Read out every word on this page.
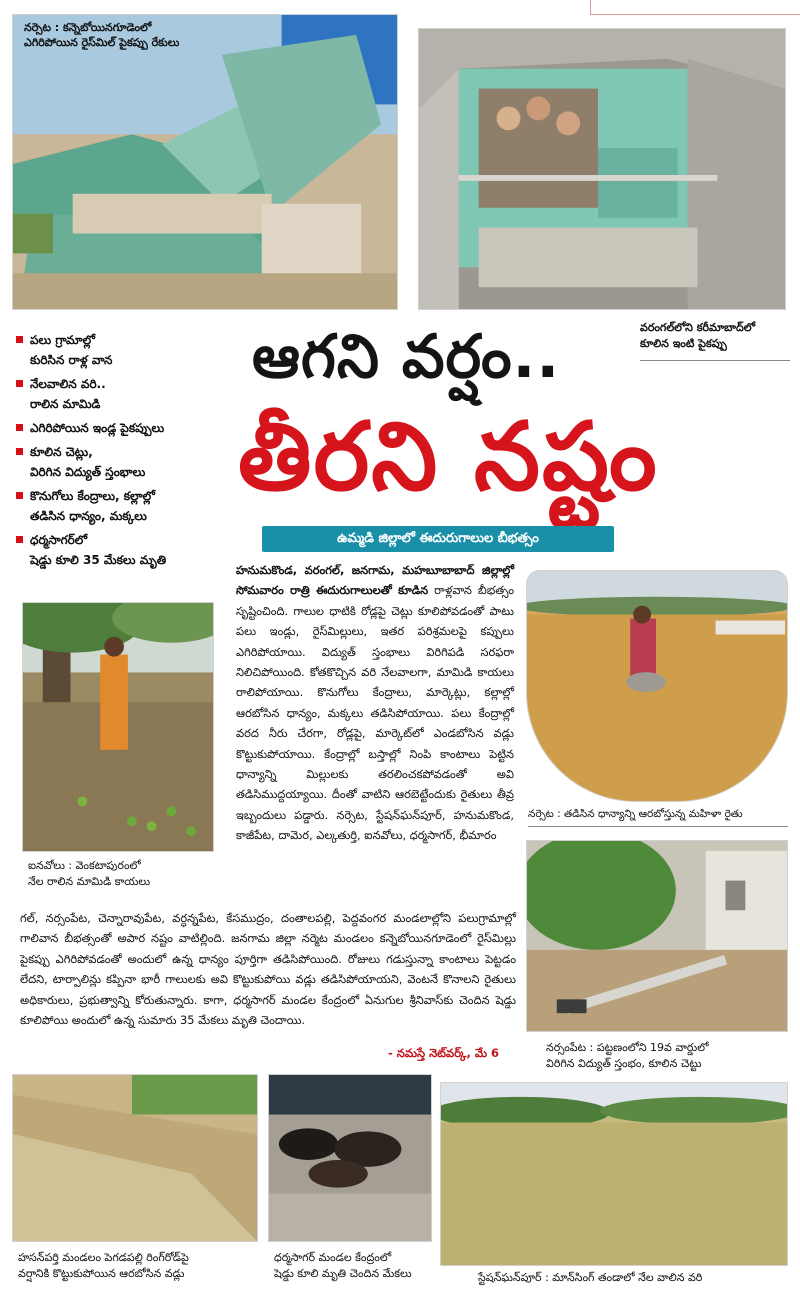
నర్సెట : కన్నెబోయినగూడెంలో
ఎగిరిపోయిన రైస్‌మిల్ పైకప్పు రేకులు

వరంగల్‌లోని కరీమాబాద్‌లో

కూలిన ఇంటి పైకప్పు

పలు గ్రామాల్లో
కురిసిన రాళ్ల వాన
నేలవాలిన వరి..
రాలిన మామిడి
ఎగిరిపోయిన ఇండ్ల పైకప్పులు
కూలిన చెట్లు,
విరిగిన విద్యుత్ స్తంభాలు
కొనుగోలు కేంద్రాలు, కల్లాల్లో
తడిసిన ధాన్యం, మక్కలు
ధర్మసాగర్‌లో
షెడ్డు కూలి 35 మేకలు మృతి
ఆగని వర్షం..
తీరని నష్టం
ఉమ్మడి జిల్లాలో ఈదురుగాలుల బీభత్సం

ఐనవోలు : వెంకటాపురంలో

నేల రాలిన మామిడి కాయలు

హనుమకొండ, వరంగల్, జనగామ, మహబూబాబాద్ జిల్లాల్లో సోమవారం రాత్రి ఈదురుగాలులతో కూడిన రాళ్లవాన బీభత్సం సృష్టించింది. గాలుల ధాటికి రోడ్లపై చెట్లు కూలిపోవడంతో పాటు పలు ఇండ్లు, రైస్‌మిల్లులు, ఇతర పరిశ్రమలపై కప్పులు ఎగిరిపోయాయి. విద్యుత్ స్తంభాలు విరిగిపడి సరఫరా నిలిచిపోయింది. కోతకొచ్చిన వరి నేలవాలగా, మామిడి కాయలు రాలిపోయాయి. కొనుగోలు కేంద్రాలు, మార్కెట్లు, కల్లాల్లో ఆరబోసిన ధాన్యం, మక్కలు తడిసిపోయాయి. పలు కేంద్రాల్లో వరద నీరు చేరగా, రోడ్లపై, మార్కెట్‌లో ఎండబోసిన వడ్లు కొట్టుకుపోయాయి. కేంద్రాల్లో బస్తాల్లో నింపి కాంటాలు పెట్టిన ధాన్యాన్ని మిల్లులకు తరలించకపోవడంతో అవి తడిసిముద్దయ్యాయి. దీంతో వాటిని ఆరబెట్టేందుకు రైతులు తీవ్ర ఇబ్బందులు పడ్డారు. నర్సెట, స్టేషన్‌ఘన్‌పూర్, హనుమకొండ, కాజీపేట, దామెర, ఎల్కతుర్తి, ఐనవోలు, ధర్మసాగర్, భీమారం

నర్సెట : తడిసిన ధాన్యాన్ని ఆరబోస్తున్న మహిళా రైతు

గల్, నర్సంపేట, చెన్నారావుపేట, వర్ధన్నపేట, కేసముద్రం, దంతాలపల్లి, పెద్దవంగర మండలాల్లోని పలుగ్రామాల్లో గాలివాన బీభత్సంతో అపార నష్టం వాటిల్లింది. జనగామ జిల్లా నర్మెట మండలం కన్నెబోయినగూడెంలో రైస్‌మిల్లు పైకప్పు ఎగిరిపోవడంతో అందులో ఉన్న ధాన్యం పూర్తిగా తడిసిపోయింది. రోజులు గడుస్తున్నా కాంటాలు పెట్టడం లేదని, టార్పాలిన్లు కప్పినా భారీ గాలులకు అవి కొట్టుకుపోయి వడ్లు తడిసిపోయాయని, వెంటనే కొనాలని రైతులు అధికారులు, ప్రభుత్వాన్ని కోరుతున్నారు. కాగా, ధర్మసాగర్ మండల కేంద్రంలో ఏనుగుల శ్రీనివాస్‌కు చెందిన షెడ్డు కూలిపోయి అందులో ఉన్న సుమారు 35 మేకలు మృతి చెందాయి.
- నమస్తే నెట్‌వర్క్, మే 6	నర్సంపేట : పట్టణంలోని 19వ వార్డులో

విరిగిన విద్యుత్ స్తంభం, కూలిన చెట్టు

హసన్‌పర్తి మండలం పెగడపల్లి రింగ్‌రోడ్‌పై

వర్షానికి కొట్టుకుపోయిన ఆరబోసిన వడ్లు

ధర్మసాగర్ మండల కేంద్రంలో

షెడ్డు కూలి మృతి చెందిన మేకలు	స్టేషన్‌ఘన్‌పూర్ : మాన్‌సింగ్ తండాలో నేల వాలిన వరి
